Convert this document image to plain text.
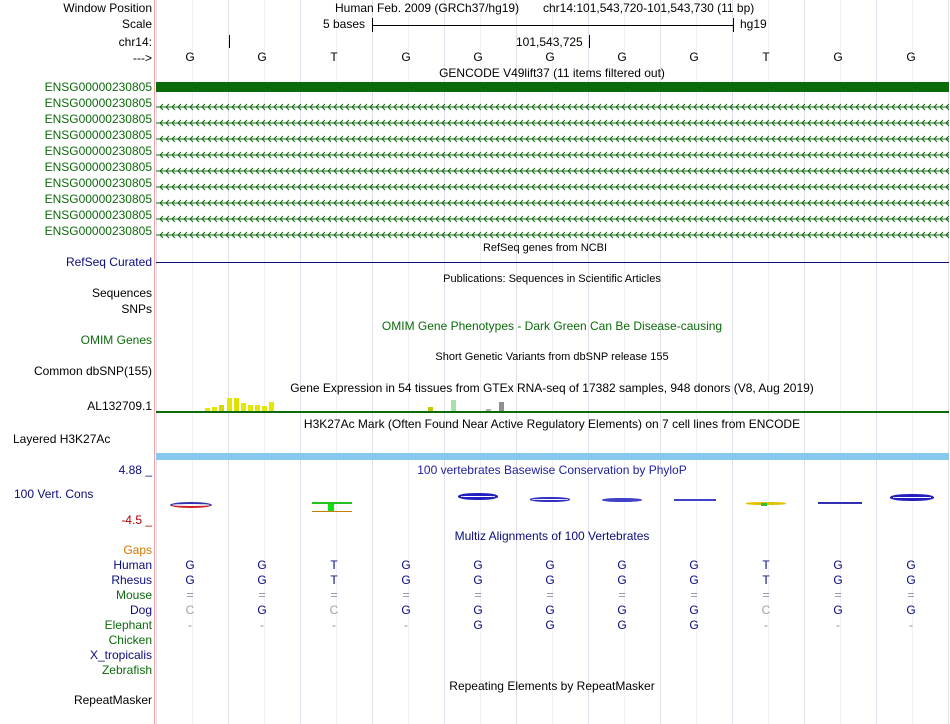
Window Position
Scale
chr14:
--->
Human Feb. 2009 (GRCh37/hg19) chr14:101,543,720-101,543,730 (11 bp)
5 bases	hg19
101,543,725
G	G	T	G	G	G	G	G	T	G	G
GENCODE V49lift37 (11 items filtered out)
ENSG00000230805
ENSG00000230805
ENSG00000230805
ENSG00000230805
ENSG00000230805
ENSG00000230805
ENSG00000230805
ENSG00000230805
ENSG00000230805
ENSG00000230805
RefSeq genes from NCBI
RefSeq Curated
Publications: Sequences in Scientific Articles
Sequences
SNPs
OMIM Gene Phenotypes - Dark Green Can Be Disease-causing
OMIM Genes
Short Genetic Variants from dbSNP release 155
Common dbSNP(155)
Gene Expression in 54 tissues from GTEx RNA-seq of 17382 samples, 948 donors (V8, Aug 2019)
AL132709.1
H3K27Ac Mark (Often Found Near Active Regulatory Elements) on 7 cell lines from ENCODE
Layered H3K27Ac
100 vertebrates Basewise Conservation by PhyloP
4.88 _
100 Vert. Cons
-4.5 _
Multiz Alignments of 100 Vertebrates
Gaps
Human	G	G	T	G	G	G	G	G	T	G	G
Rhesus	G	G	T	G	G	G	G	G	T	G	G
Mouse	=	=	=	=	=	=	=	=	=	=	=
Dog	C	G	C	G	G	G	G	G	C	G	G
Elephant	-	-	-	-	G	G	G	G	-	-	-
Chicken
X_tropicalis
Zebrafish
Repeating Elements by RepeatMasker
RepeatMasker
